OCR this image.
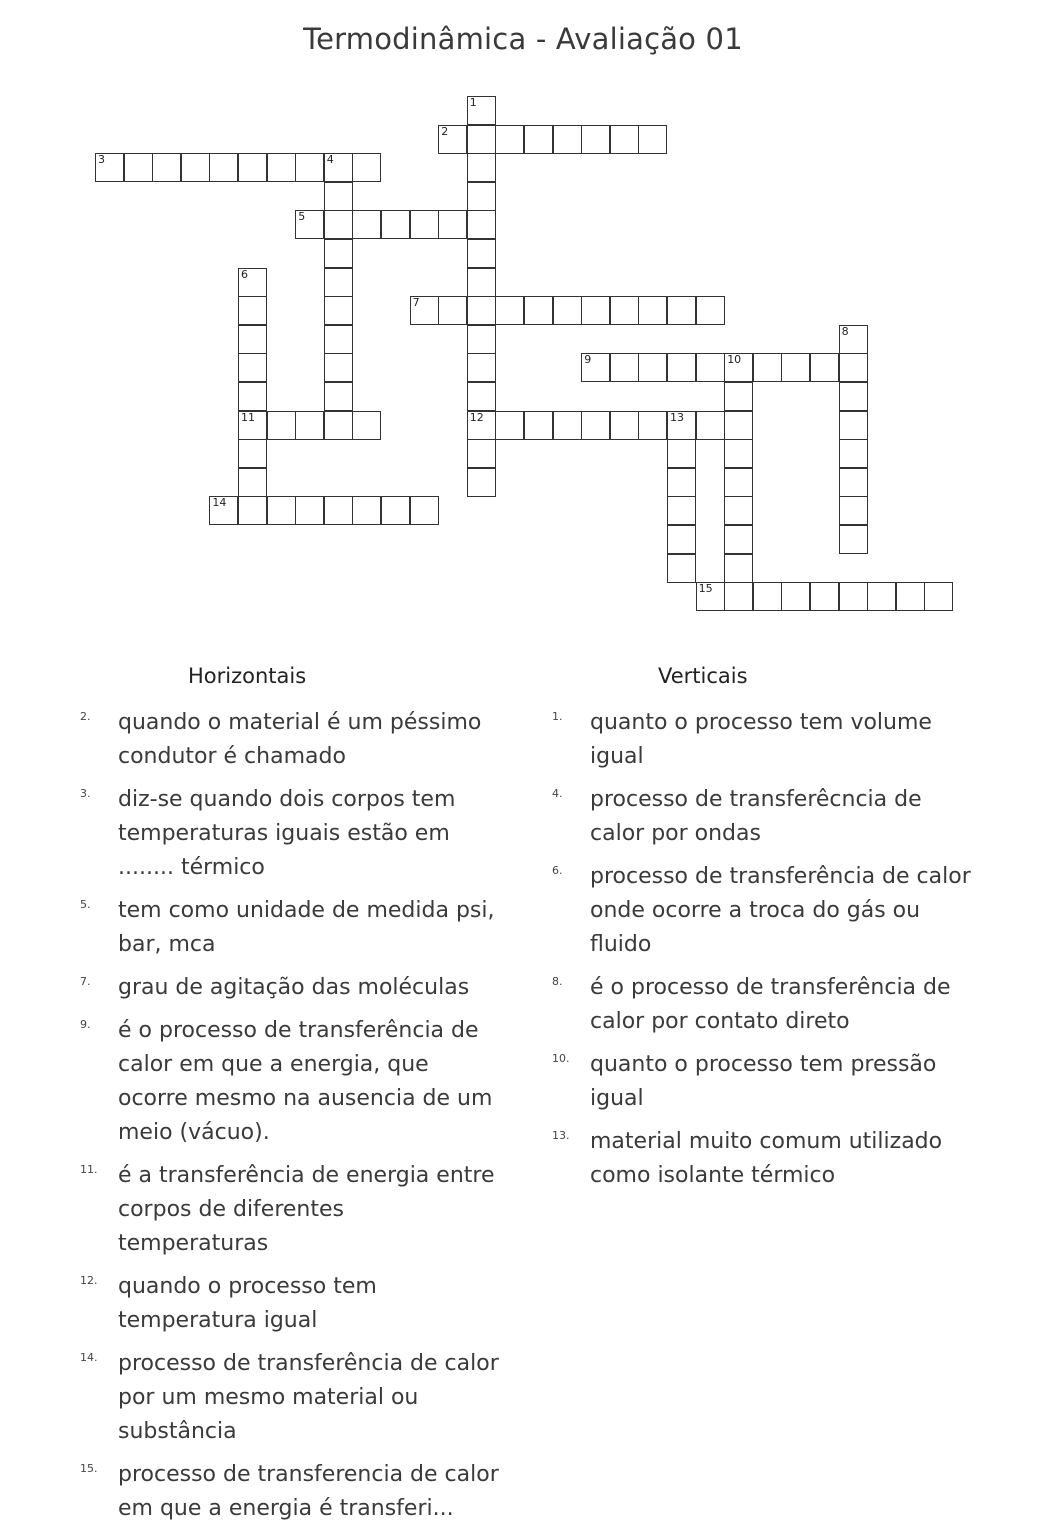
Termodinâmica - Avaliação 01
1
12
2
3	4
5
6
11
7
8
9	10
13
14
15
Horizontais	Verticais
2.	quando o material é um péssimo condutor é chamado
3.	diz-se quando dois corpos tem temperaturas iguais estão em ........ térmico
5.	tem como unidade de medida psi, bar, mca
7.	grau de agitação das moléculas
9.	é o processo de transferência de calor em que a energia, que ocorre mesmo na ausencia de um meio (vácuo).
11. é a transferência de energia entre corpos de diferentes temperaturas
12. quando o processo tem temperatura igual
14. processo de transferência de calor por um mesmo material ou substância
15. processo de transferencia de calor em que a energia é transferi...
1.	quanto o processo tem volume igual
4.	processo de transferêcncia de calor por ondas
6.	processo de transferência de calor onde ocorre a troca do gás ou fluido
8.	é o processo de transferência de calor por contato direto
10. quanto o processo tem pressão igual
13. material muito comum utilizado como isolante térmico
